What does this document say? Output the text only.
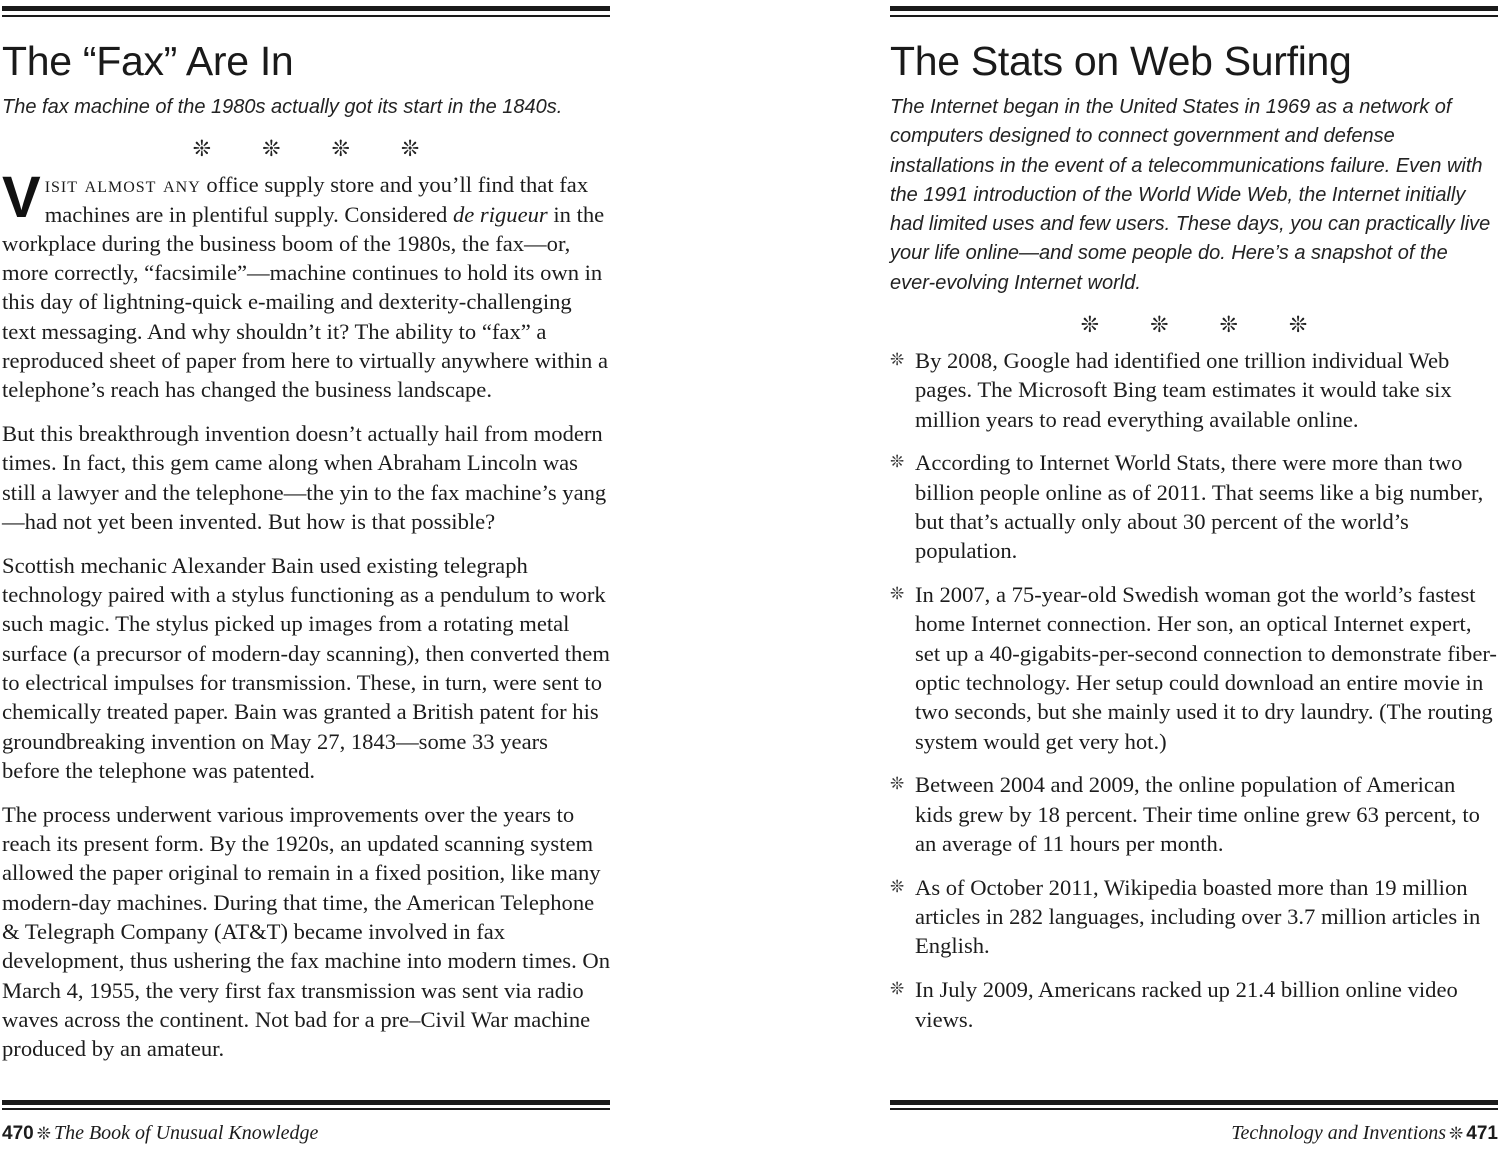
The “Fax” Are In

The fax machine of the 1980s actually got its start in the 1840s.

❊ ❊ ❊ ❊

Visit almost any office supply store and you’ll find that fax machines are in plentiful supply. Considered de rigueur in the workplace during the business boom of the 1980s, the fax—or, more correctly, “facsimile”—machine continues to hold its own in this day of lightning-quick e-mailing and dexterity-challenging text messaging. And why shouldn’t it? The ability to “fax” a reproduced sheet of paper from here to virtually anywhere within a telephone’s reach has changed the business landscape.

But this breakthrough invention doesn’t actually hail from modern times. In fact, this gem came along when Abraham Lincoln was still a lawyer and the telephone—the yin to the fax machine’s yang—had not yet been invented. But how is that possible?

Scottish mechanic Alexander Bain used existing telegraph technology paired with a stylus functioning as a pendulum to work such magic. The stylus picked up images from a rotating metal surface (a precursor of modern-day scanning), then converted them to electrical impulses for transmission. These, in turn, were sent to chemically treated paper. Bain was granted a British patent for his groundbreaking invention on May 27, 1843—some 33 years before the telephone was patented.

The process underwent various improvements over the years to reach its present form. By the 1920s, an updated scanning system allowed the paper original to remain in a fixed position, like many modern-day machines. During that time, the American Telephone & Telegraph Company (AT&T) became involved in fax development, thus ushering the fax machine into modern times. On March 4, 1955, the very first fax transmission was sent via radio waves across the continent. Not bad for a pre–Civil War machine produced by an amateur.

470 ❊ The Book of Unusual Knowledge
The Stats on Web Surfing

The Internet began in the United States in 1969 as a network of computers designed to connect government and defense installations in the event of a telecommunications failure. Even with the 1991 introduction of the World Wide Web, the Internet initially had limited uses and few users. These days, you can practically live your life online—and some people do. Here’s a snapshot of the ever-evolving Internet world.

❊ ❊ ❊ ❊
❊ By 2008, Google had identified one trillion individual Web pages. The Microsoft Bing team estimates it would take six million years to read everything available online.
❊ According to Internet World Stats, there were more than two billion people online as of 2011. That seems like a big number, but that’s actually only about 30 percent of the world’s population.
❊ In 2007, a 75-year-old Swedish woman got the world’s fastest home Internet connection. Her son, an optical Internet expert, set up a 40-gigabits-per-second connection to demonstrate fiber-optic technology. Her setup could download an entire movie in two seconds, but she mainly used it to dry laundry. (The routing system would get very hot.)
❊ Between 2004 and 2009, the online population of American kids grew by 18 percent. Their time online grew 63 percent, to an average of 11 hours per month.
❊ As of October 2011, Wikipedia boasted more than 19 million articles in 282 languages, including over 3.7 million articles in English.
❊ In July 2009, Americans racked up 21.4 billion online video views.
Technology and Inventions ❊ 471
